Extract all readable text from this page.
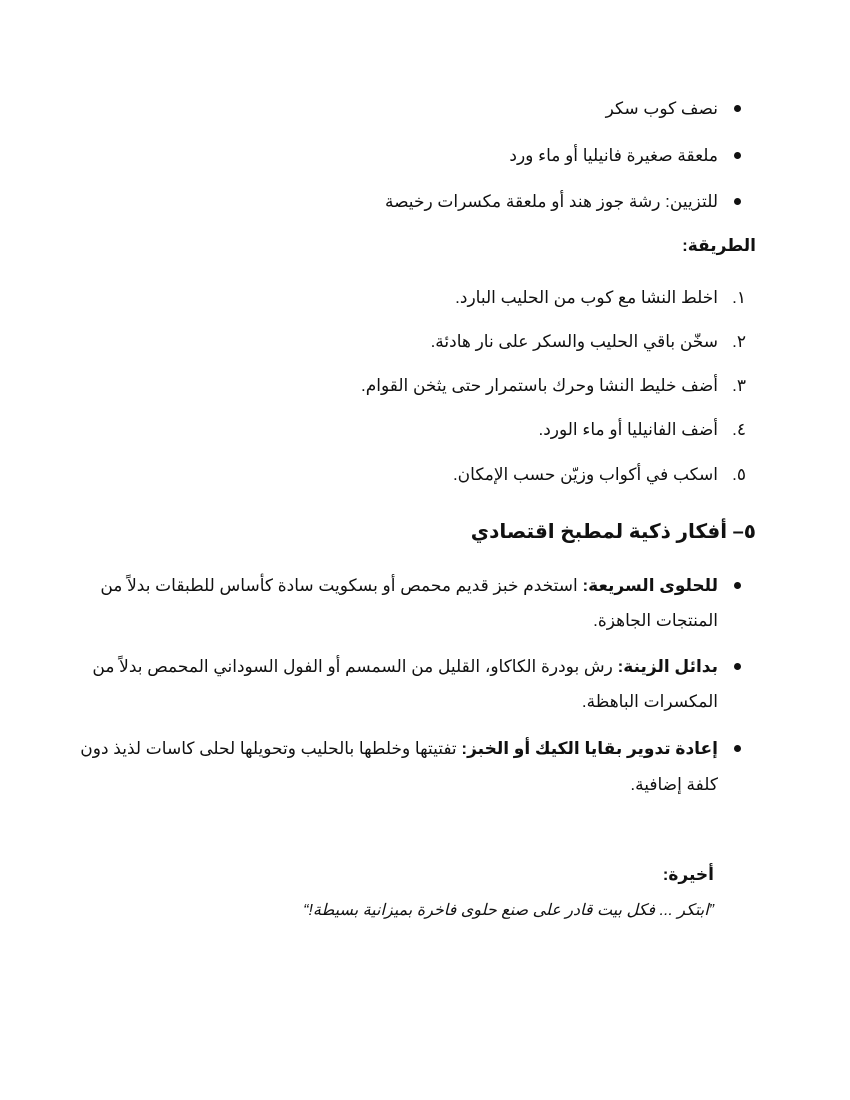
نصف كوب سكر
ملعقة صغيرة فانيليا أو ماء ورد
للتزيين: رشة جوز هند أو ملعقة مكسرات رخيصة
الطريقة:
١.
اخلط النشا مع كوب من الحليب البارد.
٢.
سخّن باقي الحليب والسكر على نار هادئة.
٣.
أضف خليط النشا وحرك باستمرار حتى يثخن القوام.
٤.
أضف الفانيليا أو ماء الورد.
٥.
اسكب في أكواب وزيّن حسب الإمكان.
٥– أفكار ذكية لمطبخ اقتصادي
للحلوى السريعة: استخدم خبز قديم محمص أو بسكويت سادة كأساس للطبقات بدلاً من
المنتجات الجاهزة.
بدائل الزينة: رش بودرة الكاكاو، القليل من السمسم أو الفول السوداني المحمص بدلاً من
المكسرات الباهظة.
إعادة تدوير بقايا الكيك أو الخبز: تفتيتها وخلطها بالحليب وتحويلها لحلى كاسات لذيذ دون
كلفة إضافية.
أخيرة:
”ابتكر ... فكل بيت قادر على صنع حلوى فاخرة بميزانية بسيطة!“
